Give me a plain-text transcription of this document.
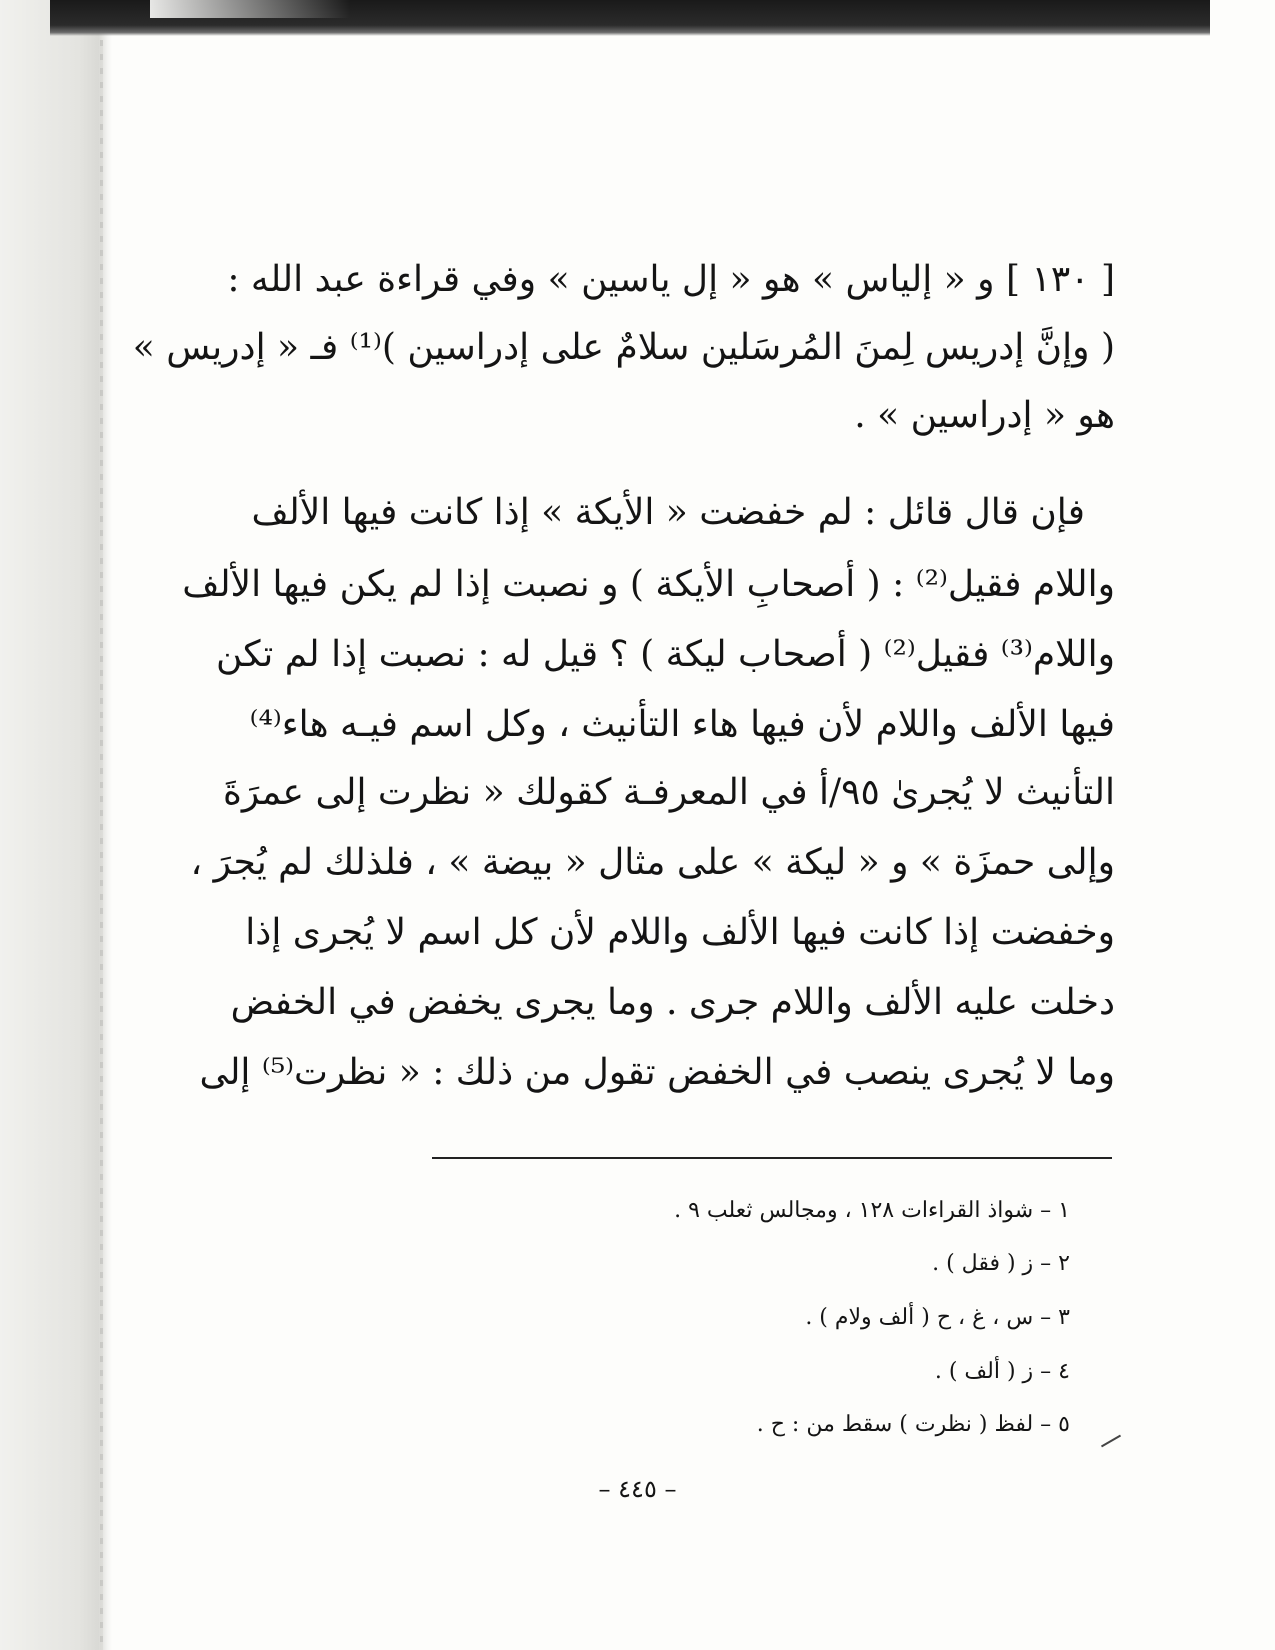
[ ١٣٠ ] و « إلياس » هو « إل ياسين » وفي قراءة عبد الله :
( وإنَّ إدريس لِمنَ المُرسَلين سلامٌ على إدراسين )⁽¹⁾ فـ « إدريس »
هو « إدراسين » .
فإن قال قائل : لم خفضت « الأيكة » إذا كانت فيها الألف
واللام فقيل⁽²⁾ : ( أصحابِ الأيكة ) و نصبت إذا لم يكن فيها الألف
واللام⁽³⁾ فقيل⁽²⁾ ( أصحاب ليكة ) ؟ قيل له : نصبت إذا لم تكن
فيها الألف واللام لأن فيها هاء التأنيث ، وكل اسم فيـه هاء⁽⁴⁾
التأنيث لا يُجرىٰ ٩٥/أ في المعرفـة كقولك « نظرت إلى عمرَةَ
وإلى حمزَة » و « ليكة » على مثال « بيضة » ، فلذلك لم يُجرَ ،
وخفضت إذا كانت فيها الألف واللام لأن كل اسم لا يُجرى إذا
دخلت عليه الألف واللام جرى . وما يجرى يخفض في الخفض
وما لا يُجرى ينصب في الخفض تقول من ذلك : « نظرت⁽⁵⁾ إلى
١ – شواذ القراءات ١٢٨ ، ومجالس ثعلب ٩ .
٢ – ز ( فقل ) .
٣ – س ، غ ، ح ( ألف ولام ) .
٤ – ز ( ألف ) .
٥ – لفظ ( نظرت ) سقط من : ح .
– ٤٤٥ –
